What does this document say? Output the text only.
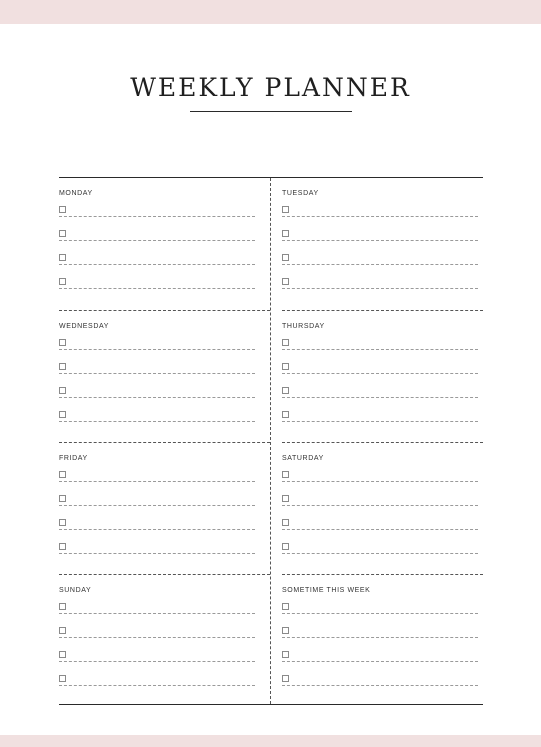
WEEKLY PLANNER
MONDAY	TUESDAY
WEDNESDAY	THURSDAY
FRIDAY	SATURDAY
SUNDAY	SOMETIME THIS WEEK
